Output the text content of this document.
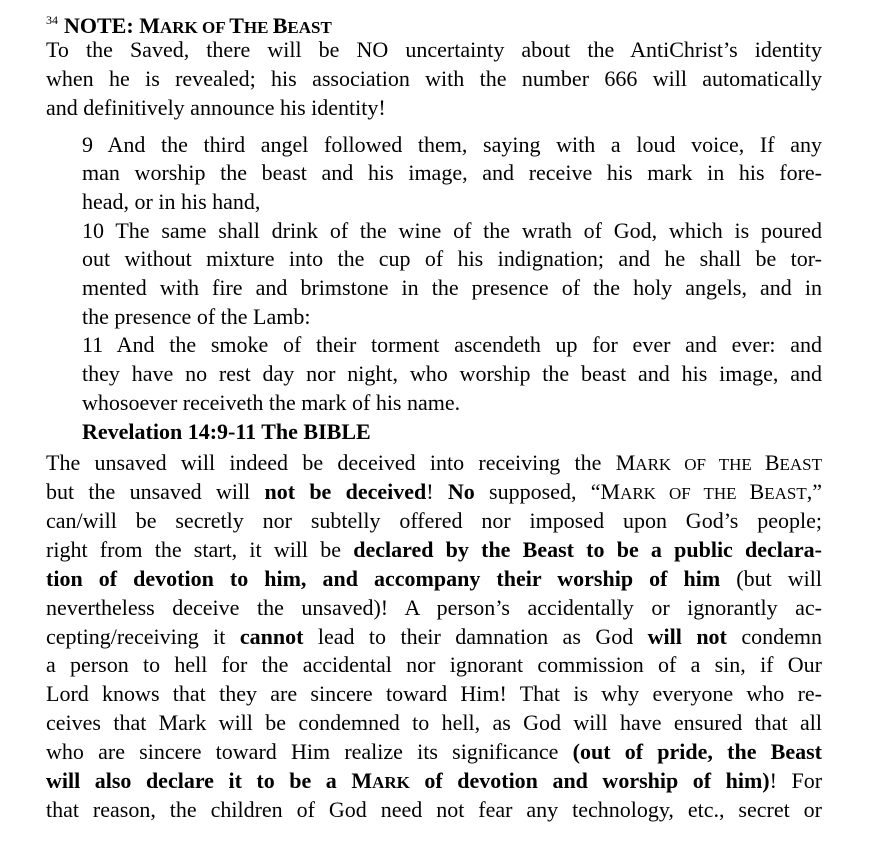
$^{34}$ NOTE: MARK OF THE BEAST
To the Saved, there will be NO uncertainty about the AntiChrist’s identity
when he is revealed; his association with the number 666 will automatically
and definitively announce his identity!
9 And the third angel followed them, saying with a loud voice, If any
man worship the beast and his image, and receive his mark in his fore-
head, or in his hand,
10 The same shall drink of the wine of the wrath of God, which is poured
out without mixture into the cup of his indignation; and he shall be tor-
mented with fire and brimstone in the presence of the holy angels, and in
the presence of the Lamb:
11 And the smoke of their torment ascendeth up for ever and ever: and
they have no rest day nor night, who worship the beast and his image, and
whosoever receiveth the mark of his name.
Revelation 14:9-11 The BIBLE
The unsaved will indeed be deceived into receiving the MARK OF THE BEAST
but the unsaved will not be deceived! No supposed, “MARK OF THE BEAST,”
can/will be secretly nor subtelly offered nor imposed upon God’s people;
right from the start, it will be declared by the Beast to be a public declara-
tion of devotion to him, and accompany their worship of him (but will
nevertheless deceive the unsaved)! A person’s accidentally or ignorantly ac-
cepting/receiving it cannot lead to their damnation as God will not condemn
a person to hell for the accidental nor ignorant commission of a sin, if Our
Lord knows that they are sincere toward Him! That is why everyone who re-
ceives that Mark will be condemned to hell, as God will have ensured that all
who are sincere toward Him realize its significance (out of pride, the Beast
will also declare it to be a MARK of devotion and worship of him)! For
that reason, the children of God need not fear any technology, etc., secret or
